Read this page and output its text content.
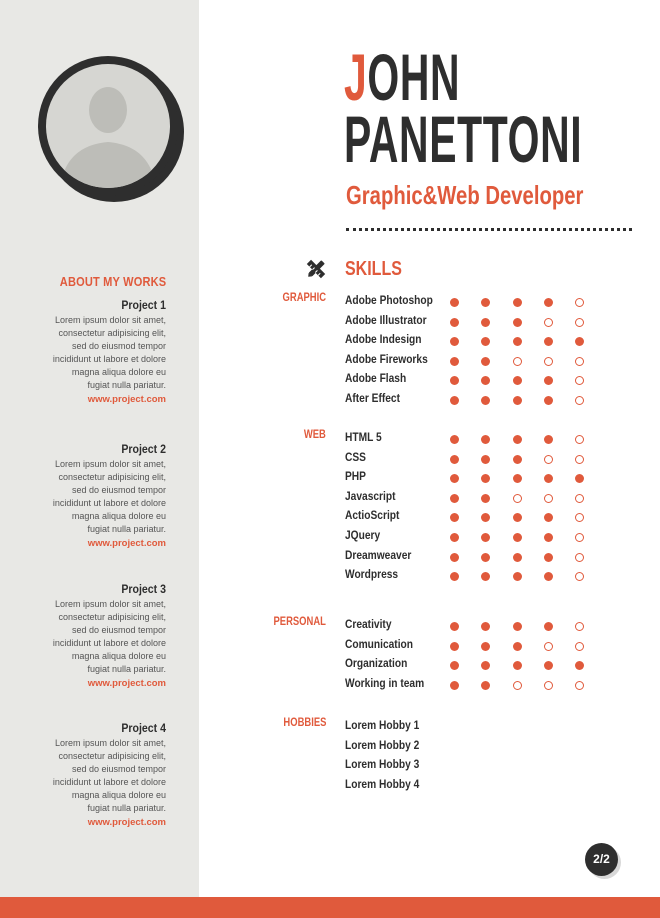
ABOUT MY WORKS
Project 1
Lorem ipsum dolor sit amet,
consectetur adipisicing elit,
sed do eiusmod tempor
incididunt ut labore et dolore
magna aliqua dolore eu
fugiat nulla pariatur.
www.project.com
Project 2
Lorem ipsum dolor sit amet,
consectetur adipisicing elit,
sed do eiusmod tempor
incididunt ut labore et dolore
magna aliqua dolore eu
fugiat nulla pariatur.
www.project.com
Project 3
Lorem ipsum dolor sit amet,
consectetur adipisicing elit,
sed do eiusmod tempor
incididunt ut labore et dolore
magna aliqua dolore eu
fugiat nulla pariatur.
www.project.com
Project 4
Lorem ipsum dolor sit amet,
consectetur adipisicing elit,
sed do eiusmod tempor
incididunt ut labore et dolore
magna aliqua dolore eu
fugiat nulla pariatur.
www.project.com
JOHN
PANETTONI
Graphic&Web Developer
SKILLS
GRAPHIC Adobe Photoshop
Adobe Illustrator
Adobe Indesign
Adobe Fireworks
Adobe Flash
After Effect
WEB HTML 5
CSS
PHP
Javascript
ActioScript
JQuery
Dreamweaver
Wordpress
PERSONAL Creativity
Comunication
Organization
Working in team
HOBBIES Lorem Hobby 1
Lorem Hobby 2
Lorem Hobby 3
Lorem Hobby 4
2/2
